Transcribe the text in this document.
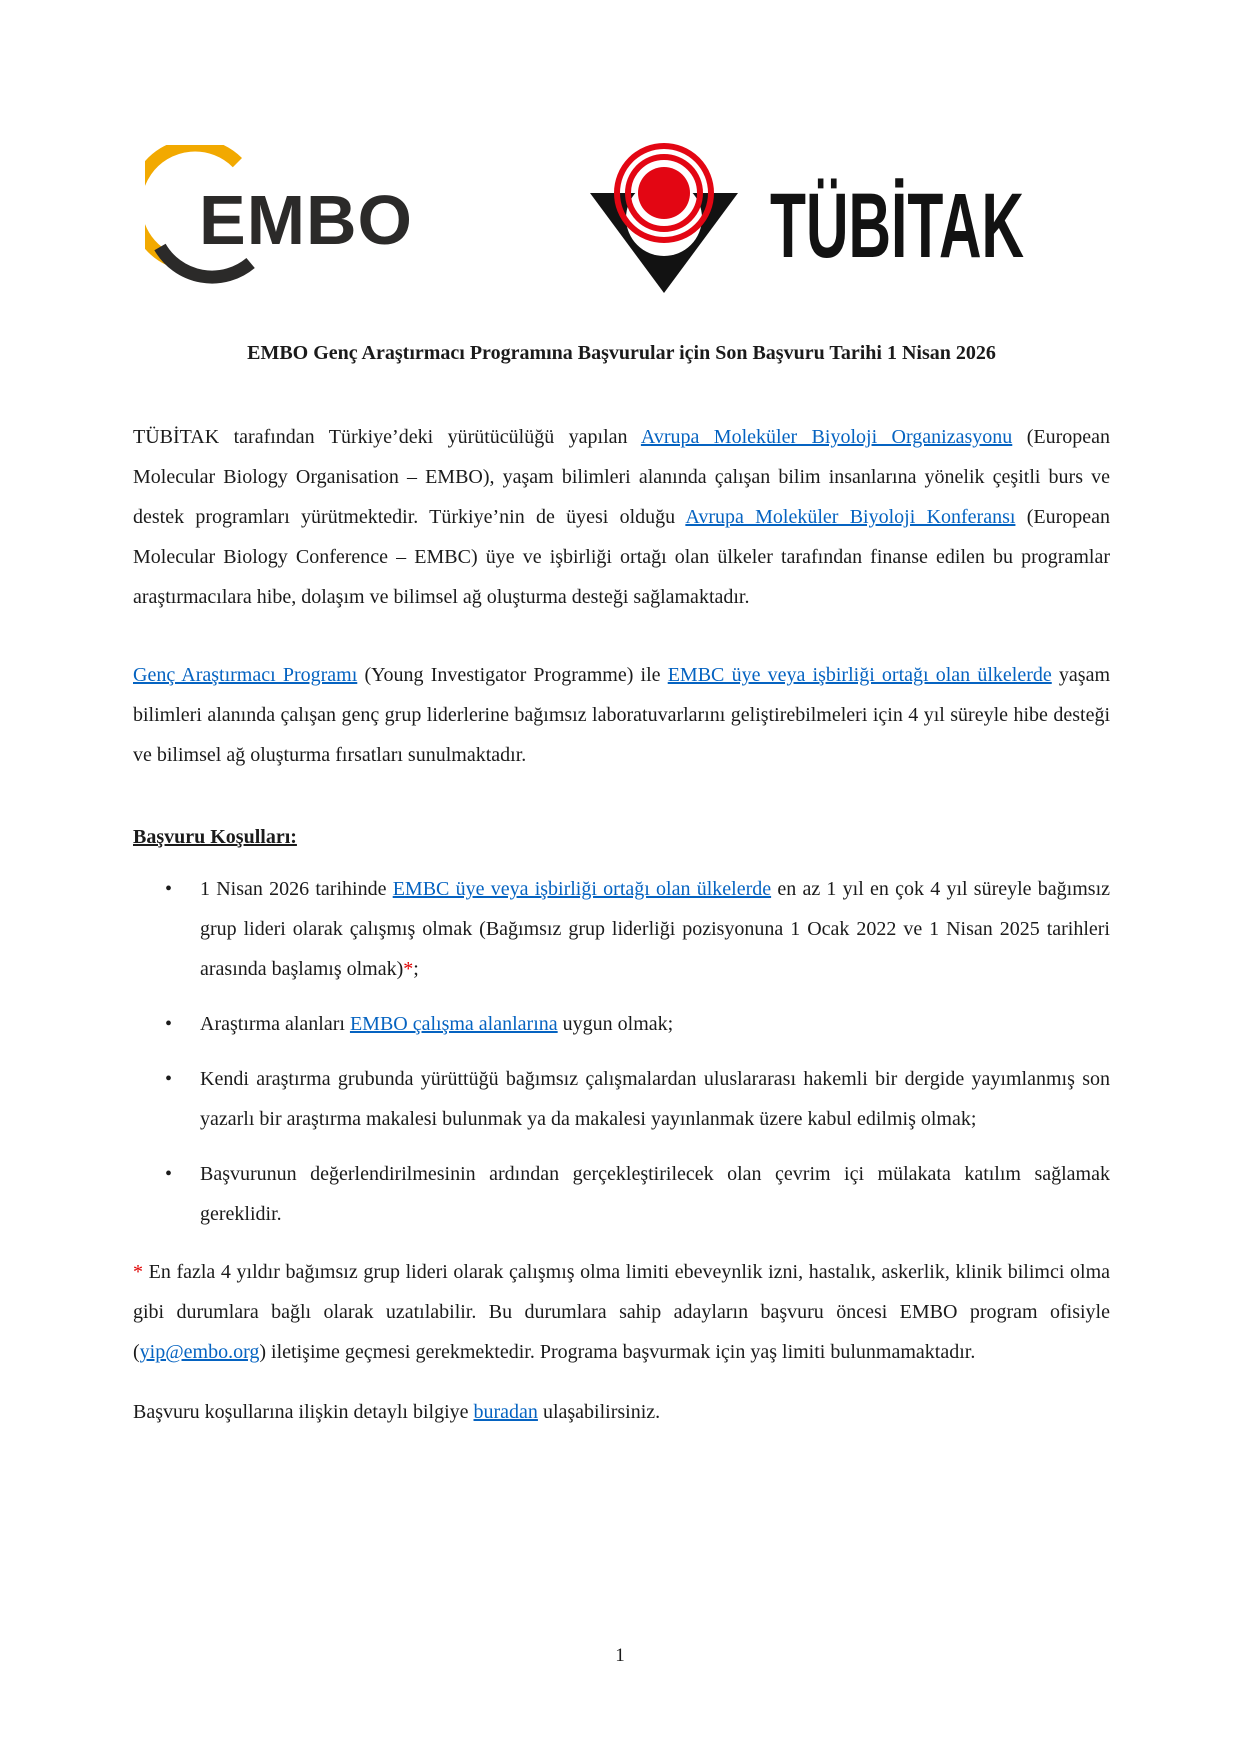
EMBO	TÜBİTAK
EMBO Genç Araştırmacı Programına Başvurular için Son Başvuru Tarihi 1 Nisan 2026

TÜBİTAK tarafından Türkiye’deki yürütücülüğü yapılan Avrupa Moleküler Biyoloji Organizasyonu (European Molecular Biology Organisation – EMBO), yaşam bilimleri alanında çalışan bilim insanlarına yönelik çeşitli burs ve destek programları yürütmektedir. Türkiye’nin de üyesi olduğu Avrupa Moleküler Biyoloji Konferansı (European Molecular Biology Conference – EMBC) üye ve işbirliği ortağı olan ülkeler tarafından finanse edilen bu programlar araştırmacılara hibe, dolaşım ve bilimsel ağ oluşturma desteği sağlamaktadır.

Genç Araştırmacı Programı (Young Investigator Programme) ile EMBC üye veya işbirliği ortağı olan ülkelerde yaşam bilimleri alanında çalışan genç grup liderlerine bağımsız laboratuvarlarını geliştirebilmeleri için 4 yıl süreyle hibe desteği ve bilimsel ağ oluşturma fırsatları sunulmaktadır.

Başvuru Koşulları:
• 1 Nisan 2026 tarihinde EMBC üye veya işbirliği ortağı olan ülkelerde en az 1 yıl en çok 4 yıl süreyle bağımsız grup lideri olarak çalışmış olmak (Bağımsız grup liderliği pozisyonuna 1 Ocak 2022 ve 1 Nisan 2025 tarihleri arasında başlamış olmak)*;
• Araştırma alanları EMBO çalışma alanlarına uygun olmak;
• Kendi araştırma grubunda yürüttüğü bağımsız çalışmalardan uluslararası hakemli bir dergide yayımlanmış son yazarlı bir araştırma makalesi bulunmak ya da makalesi yayınlanmak üzere kabul edilmiş olmak;
• Başvurunun değerlendirilmesinin ardından gerçekleştirilecek olan çevrim içi mülakata katılım sağlamak gereklidir.

* En fazla 4 yıldır bağımsız grup lideri olarak çalışmış olma limiti ebeveynlik izni, hastalık, askerlik, klinik bilimci olma gibi durumlara bağlı olarak uzatılabilir. Bu durumlara sahip adayların başvuru öncesi EMBO program ofisiyle (yip@embo.org) iletişime geçmesi gerekmektedir. Programa başvurmak için yaş limiti bulunmamaktadır.

Başvuru koşullarına ilişkin detaylı bilgiye buradan ulaşabilirsiniz.

1
